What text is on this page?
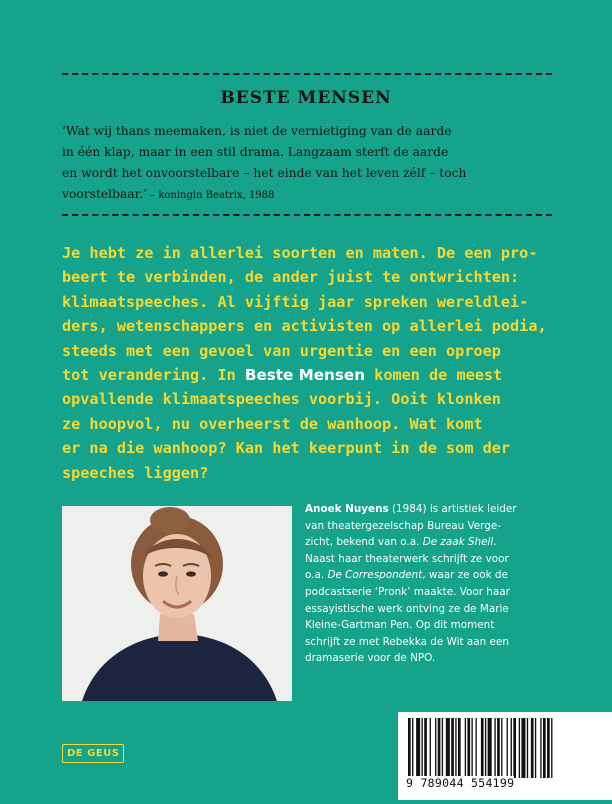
BESTE MENSEN
‘Wat wij thans meemaken, is niet de vernietiging van de aarde
in één klap, maar in een stil drama. Langzaam sterft de aarde
en wordt het onvoorstelbare – het einde van het leven zélf – toch
voorstelbaar.’ – koningin Beatrix, 1988
Je hebt ze in allerlei soorten en maten. De een pro-
beert te verbinden, de ander juist te ontwrichten:
klimaatspeeches. Al vijftig jaar spreken wereldlei-
ders, wetenschappers en activisten op allerlei podia,
steeds met een gevoel van urgentie en een oproep
tot verandering. In Beste Mensen komen de meest
opvallende klimaatspeeches voorbij. Ooit klonken
ze hoopvol, nu overheerst de wanhoop. Wat komt
er na die wanhoop? Kan het keerpunt in de som der
speeches liggen?
Anoek Nuyens (1984) is artistiek leider
van theatergezelschap Bureau Verge-
zicht, bekend van o.a. De zaak Shell.
Naast haar theaterwerk schrijft ze voor
o.a. De Correspondent, waar ze ook de
podcastserie ‘Pronk’ maakte. Voor haar
essayistische werk ontving ze de Marie
Kleine-Gartman Pen. Op dit moment
schrijft ze met Rebekka de Wit aan een
dramaserie voor de NPO.
DE GEUS
9 789044 554199
